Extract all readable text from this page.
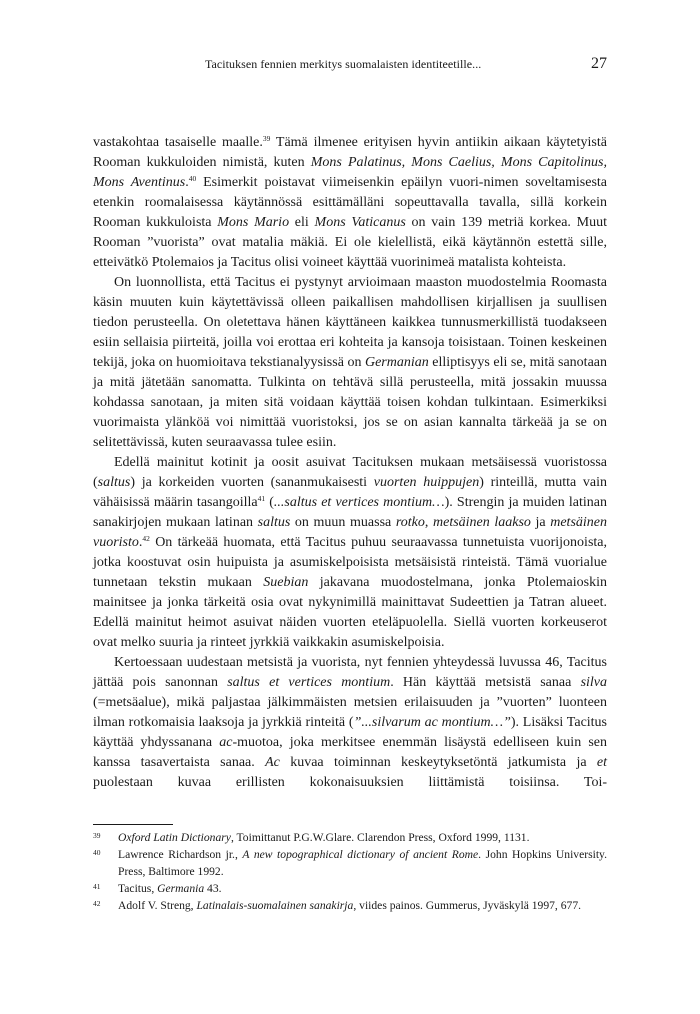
Tacituksen fennien merkitys suomalaisten identiteetille...	27

vastakohtaa tasaiselle maalle.$^{39}$ Tämä ilmenee erityisen hyvin antiikin aikaan käytetyistä Rooman kukkuloiden nimistä, kuten Mons Palatinus, Mons Caelius, Mons Capitolinus, Mons Aventinus.$^{40}$ Esimerkit poistavat viimeisenkin epäilyn vuori-nimen soveltamisesta etenkin roomalaisessa käytännössä esittämälläni sopeuttavalla tavalla, sillä korkein Rooman kukkuloista Mons Mario eli Mons Vaticanus on vain 139 metriä korkea. Muut Rooman ”vuorista” ovat matalia mäkiä. Ei ole kielellistä, eikä käytännön estettä sille, etteivätkö Ptolemaios ja Tacitus olisi voineet käyttää vuorinimeä matalista kohteista.

On luonnollista, että Tacitus ei pystynyt arvioimaan maaston muodostelmia Roomasta käsin muuten kuin käytettävissä olleen paikallisen mahdollisen kirjallisen ja suullisen tiedon perusteella. On oletettava hänen käyttäneen kaikkea tunnusmerkillistä tuodakseen esiin sellaisia piirteitä, joilla voi erottaa eri kohteita ja kansoja toisistaan. Toinen keskeinen tekijä, joka on huomioitava tekstianalyysissä on Germanian elliptisyys eli se, mitä sanotaan ja mitä jätetään sanomatta. Tulkinta on tehtävä sillä perusteella, mitä jossakin muussa kohdassa sanotaan, ja miten sitä voidaan käyttää toisen kohdan tulkintaan. Esimerkiksi vuorimaista ylänköä voi nimittää vuoristoksi, jos se on asian kannalta tärkeää ja se on selitettävissä, kuten seuraavassa tulee esiin.

Edellä mainitut kotinit ja oosit asuivat Tacituksen mukaan metsäisessä vuoristossa (saltus) ja korkeiden vuorten (sananmukaisesti vuorten huippujen) rinteillä, mutta vain vähäisissä määrin tasangoilla$^{41}$ (...saltus et vertices montium…). Strengin ja muiden latinan sanakirjojen mukaan latinan saltus on muun muassa rotko, metsäinen laakso ja metsäinen vuoristo.$^{42}$ On tärkeää huomata, että Tacitus puhuu seuraavassa tunnetuista vuorijonoista, jotka koostuvat osin huipuista ja asumiskelpoisista metsäisistä rinteistä. Tämä vuorialue tunnetaan tekstin mukaan Suebian jakavana muodostelmana, jonka Ptolemaioskin mainitsee ja jonka tärkeitä osia ovat nykynimillä mainittavat Sudeettien ja Tatran alueet. Edellä mainitut heimot asuivat näiden vuorten eteläpuolella. Siellä vuorten korkeuserot ovat melko suuria ja rinteet jyrkkiä vaikkakin asumiskelpoisia.

Kertoessaan uudestaan metsistä ja vuorista, nyt fennien yhteydessä luvussa 46, Tacitus jättää pois sanonnan saltus et vertices montium. Hän käyttää metsistä sanaa silva (=metsäalue), mikä paljastaa jälkimmäisten metsien erilaisuuden ja ”vuorten” luonteen ilman rotkomaisia laaksoja ja jyrkkiä rinteitä (”...silvarum ac montium…”). Lisäksi Tacitus käyttää yhdyssanana ac-muotoa, joka merkitsee enemmän lisäystä edelliseen kuin sen kanssa tasavertaista sanaa. Ac kuvaa toiminnan keskeytyksetöntä jatkumista ja et puolestaan kuvaa erillisten kokonaisuuksien liittämistä toisiinsa. Toi-

39 Oxford Latin Dictionary, Toimittanut P.G.W.Glare. Clarendon Press, Oxford 1999, 1131.
40 Lawrence Richardson jr., A new topographical dictionary of ancient Rome. John Hopkins University. Press, Baltimore 1992.
41 Tacitus, Germania 43.
42 Adolf V. Streng, Latinalais-suomalainen sanakirja, viides painos. Gummerus, Jyväskylä 1997, 677.
